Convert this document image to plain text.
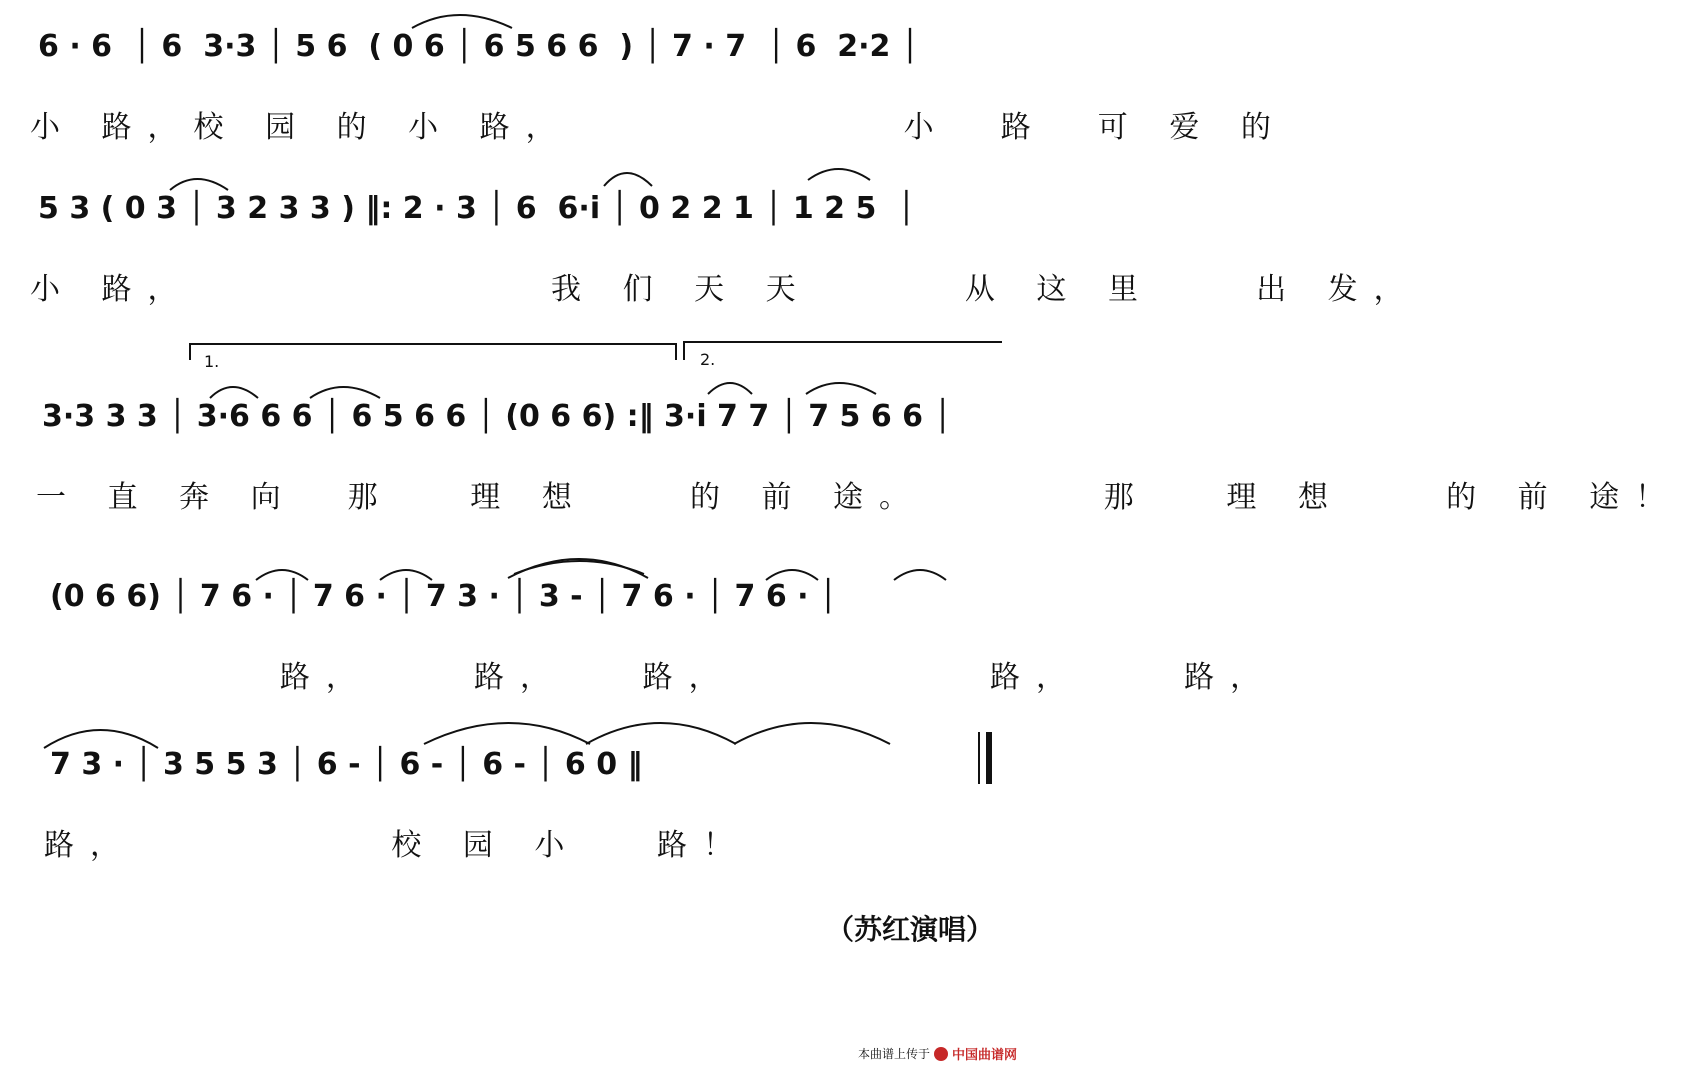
6 · 6  │ 6  3·3 │ 5 6  ( 0 6 │ 6 5 6 6  ) │ 7 · 7  │ 6  2·2 │
小 路，校 园 的 小 路，             小  路  可 爱 的
5 3 ( 0 3 │ 3 2 3 3 ) ‖: 2 · 3 │ 6  6·i │ 0 2 2 1 │ 1 2 5  │
小 路，              我 们 天 天      从 这 里    出 发，
1.	2.
3·3 3 3 │ 3·6 6 6 │ 6 5 6 6 │ (0 6 6) :‖ 3·i 7 7 │ 7 5 6 6 │
一 直 奔 向  那   理 想    的 前 途。       那   理 想    的 前 途！
(0 6 6) │ 7 6 · │ 7 6 · │ 7 3 · │ 3 - │ 7 6 · │ 7 6 · │
路，    路，   路，          路，    路，
7 3 · │ 3 5 5 3 │ 6 - │ 6 - │ 6 - │ 6 0 ‖
路，          校 园 小   路！
（苏红演唱）
本曲谱上传于 中国曲谱网
